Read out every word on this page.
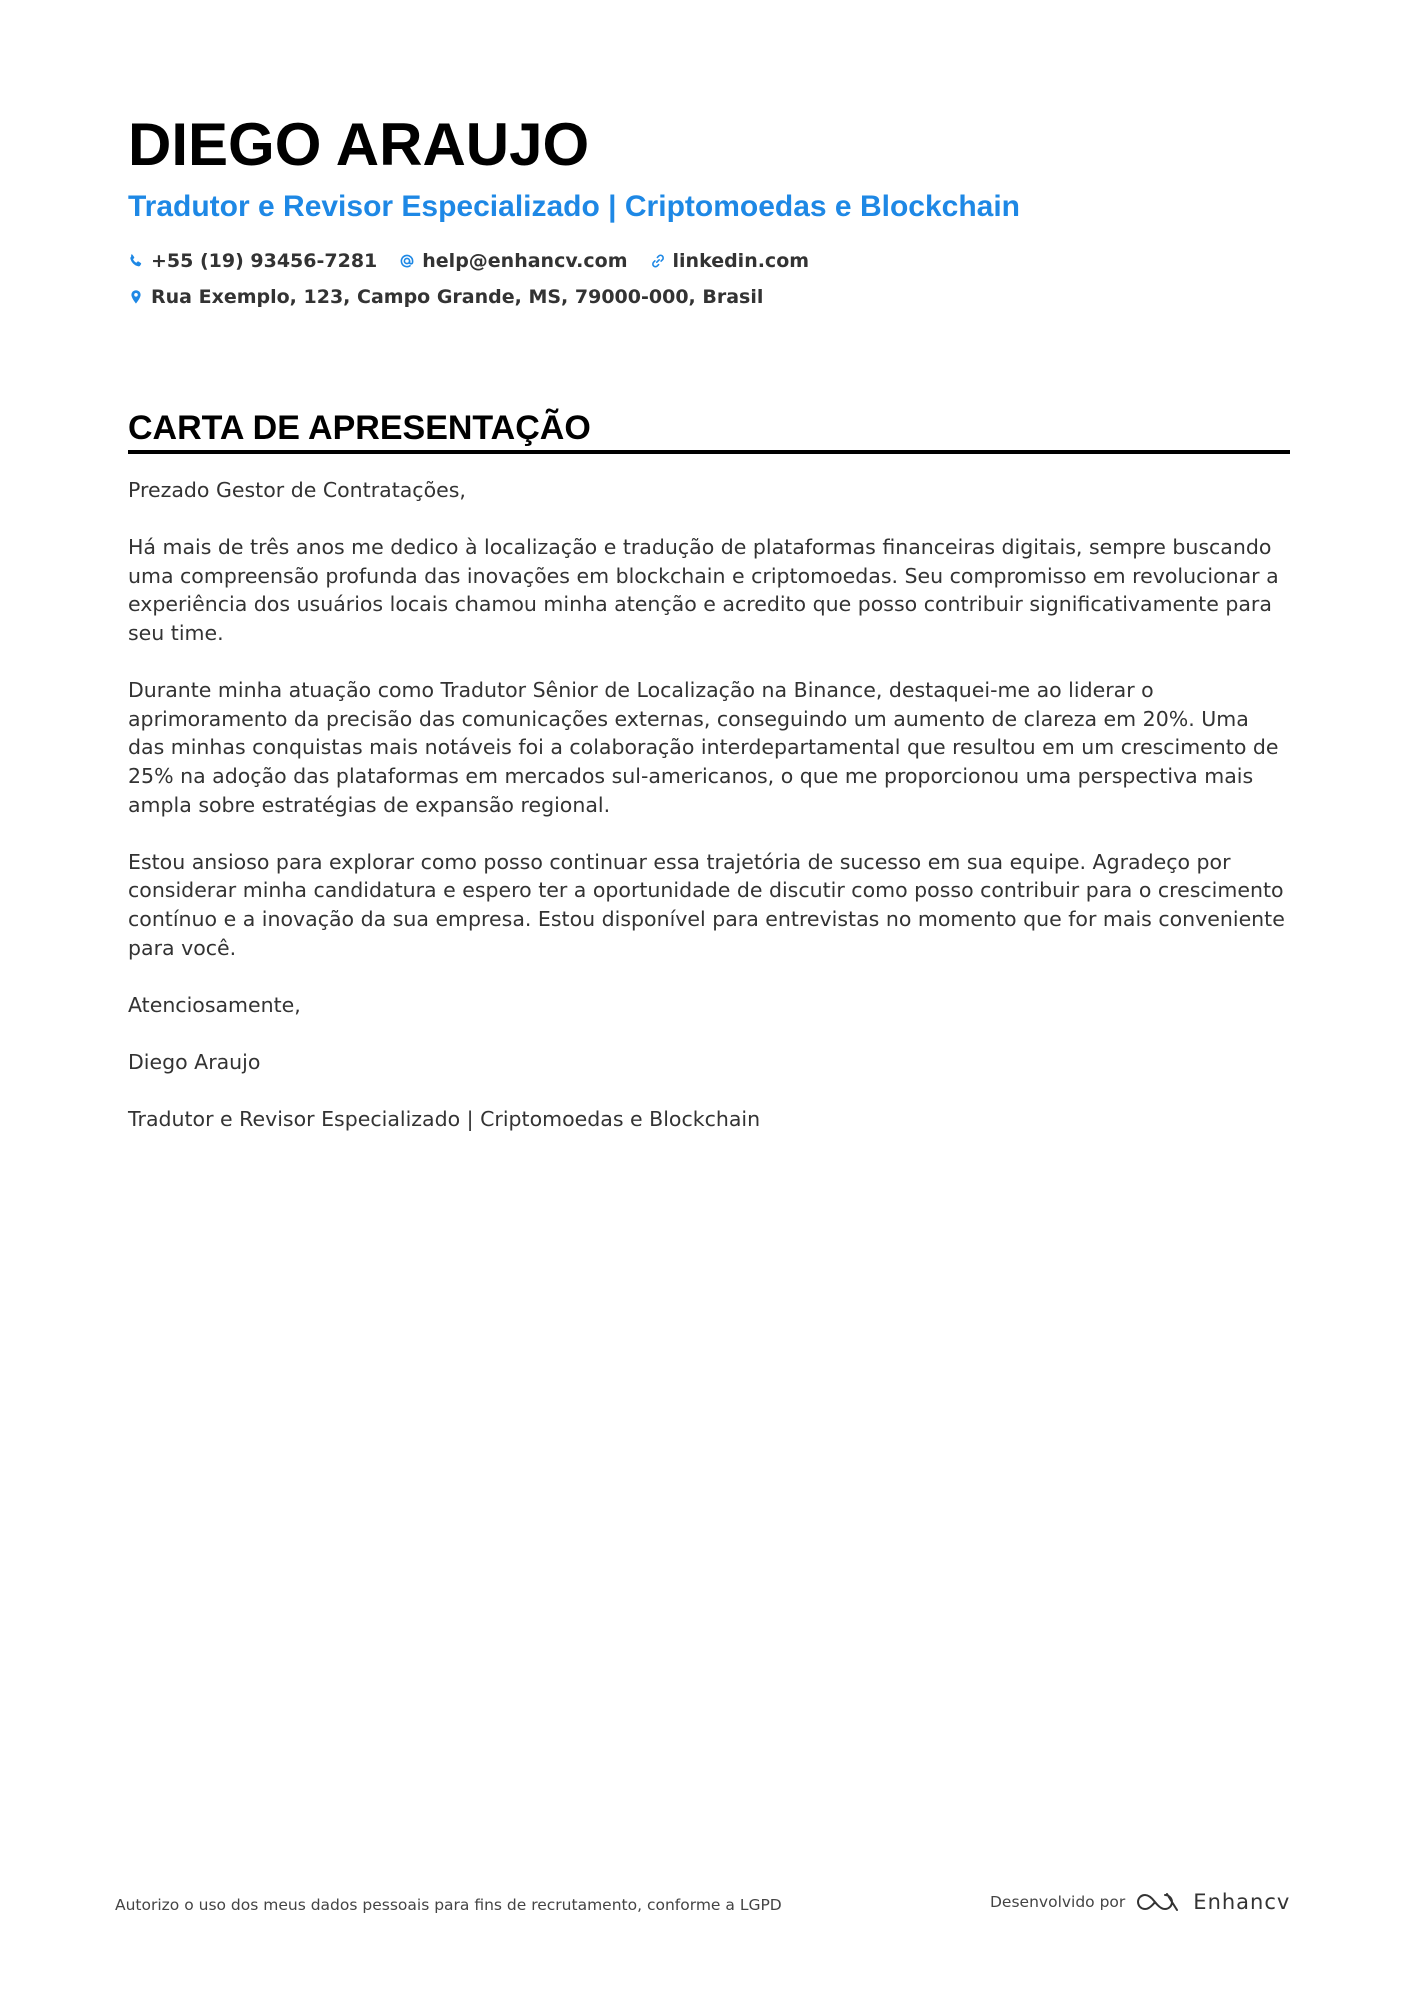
DIEGO ARAUJO
Tradutor e Revisor Especializado | Criptomoedas e Blockchain
+55 (19) 93456-7281 help@enhancv.com linkedin.com
Rua Exemplo, 123, Campo Grande, MS, 79000-000, Brasil
CARTA DE APRESENTAÇÃO

Prezado Gestor de Contratações,

Há mais de três anos me dedico à localização e tradução de plataformas financeiras digitais, sempre buscando uma compreensão profunda das inovações em blockchain e criptomoedas. Seu compromisso em revolucionar a experiência dos usuários locais chamou minha atenção e acredito que posso contribuir significativamente para seu time.

Durante minha atuação como Tradutor Sênior de Localização na Binance, destaquei-me ao liderar o aprimoramento da precisão das comunicações externas, conseguindo um aumento de clareza em 20%. Uma das minhas conquistas mais notáveis foi a colaboração interdepartamental que resultou em um crescimento de 25% na adoção das plataformas em mercados sul-americanos, o que me proporcionou uma perspectiva mais ampla sobre estratégias de expansão regional.

Estou ansioso para explorar como posso continuar essa trajetória de sucesso em sua equipe. Agradeço por considerar minha candidatura e espero ter a oportunidade de discutir como posso contribuir para o crescimento contínuo e a inovação da sua empresa. Estou disponível para entrevistas no momento que for mais conveniente para você.

Atenciosamente,

Diego Araujo

Tradutor e Revisor Especializado | Criptomoedas e Blockchain

Autorizo o uso dos meus dados pessoais para fins de recrutamento, conforme a LGPD	Desenvolvido por	Enhancv
